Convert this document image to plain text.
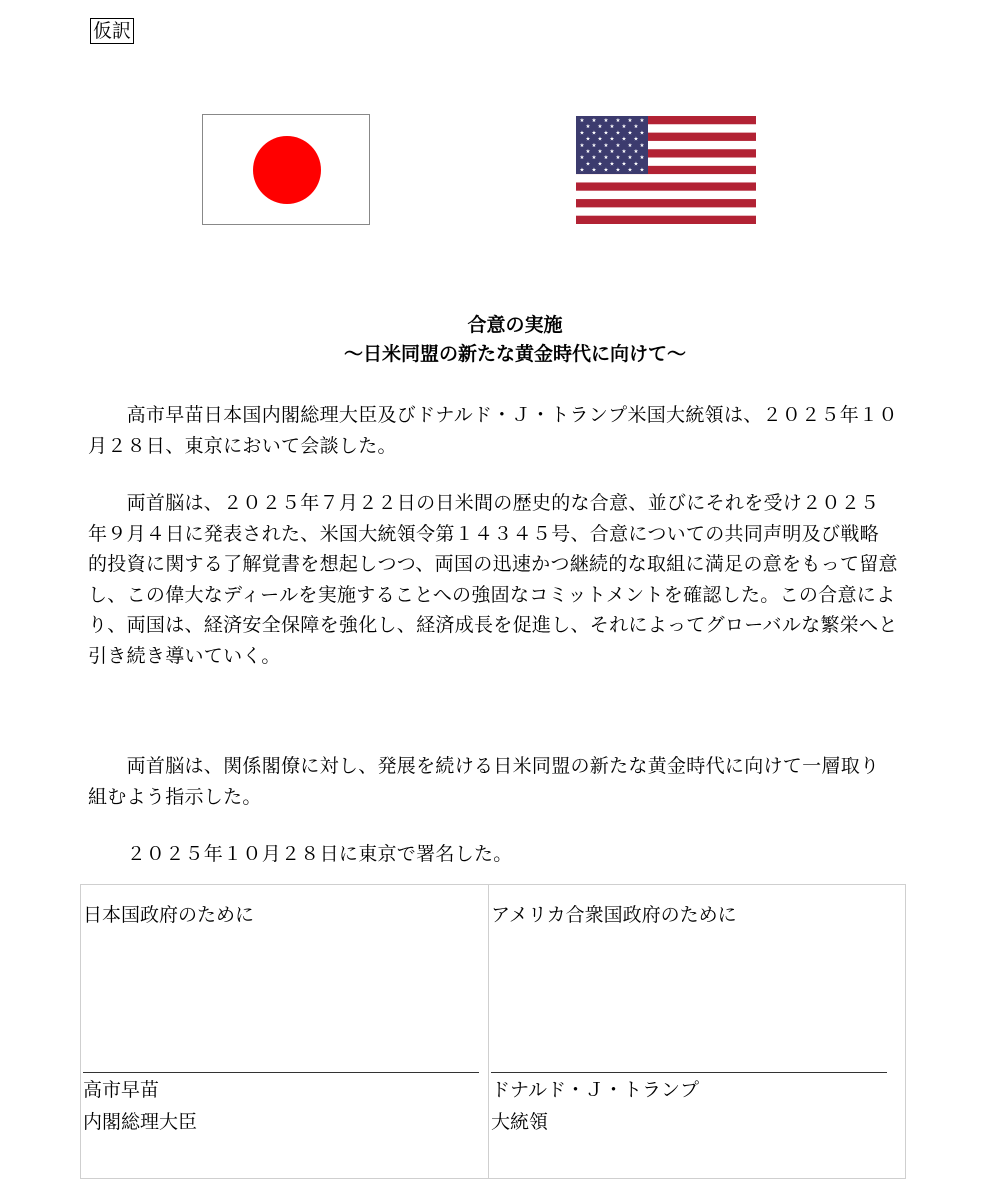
仮訳
★ ★ ★ ★ ★ ★
★ ★ ★ ★ ★
★ ★ ★ ★ ★ ★
★ ★ ★ ★ ★
★ ★ ★ ★ ★ ★
★ ★ ★ ★ ★
★ ★ ★ ★ ★ ★
★ ★ ★ ★ ★
★ ★ ★ ★ ★ ★
合意の実施
～日米同盟の新たな黄金時代に向けて～

　　高市早苗日本国内閣総理大臣及びドナルド・Ｊ・トランプ米国大統領は、２０２５年１０月２８日、東京において会談した。

　　両首脳は、２０２５年７月２２日の日米間の歴史的な合意、並びにそれを受け２０２５年９月４日に発表された、米国大統領令第１４３４５号、合意についての共同声明及び戦略的投資に関する了解覚書を想起しつつ、両国の迅速かつ継続的な取組に満足の意をもって留意し、この偉大なディールを実施することへの強固なコミットメントを確認した。この合意により、両国は、経済安全保障を強化し、経済成長を促進し、それによってグローバルな繁栄へと引き続き導いていく。

　　両首脳は、関係閣僚に対し、発展を続ける日米同盟の新たな黄金時代に向けて一層取り組むよう指示した。

　　２０２５年１０月２８日に東京で署名した。

日本国政府のために
高市早苗
内閣総理大臣
アメリカ合衆国政府のために
ドナルド・Ｊ・トランプ
大統領
